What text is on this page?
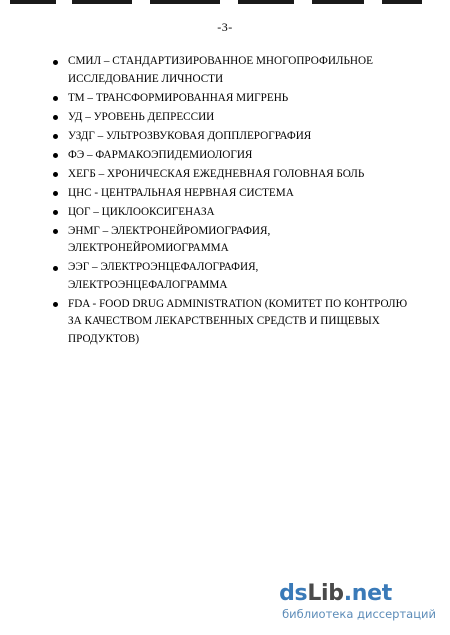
-3-
СМИЛ – СТАНДАРТИЗИРОВАННОЕ МНОГОПРОФИЛЬНОЕ ИССЛЕДОВАНИЕ ЛИЧНОСТИ
ТМ – ТРАНСФОРМИРОВАННАЯ МИГРЕНЬ
УД – УРОВЕНЬ ДЕПРЕССИИ
УЗДГ – УЛЬТРОЗВУКОВАЯ ДОППЛЕРОГРАФИЯ
ФЭ – ФАРМАКОЭПИДЕМИОЛОГИЯ
ХЕГБ – ХРОНИЧЕСКАЯ ЕЖЕДНЕВНАЯ ГОЛОВНАЯ БОЛЬ
ЦНС - ЦЕНТРАЛЬНАЯ НЕРВНАЯ СИСТЕМА
ЦОГ – ЦИКЛООКСИГЕНАЗА
ЭНМГ – ЭЛЕКТРОНЕЙРОМИОГРАФИЯ, ЭЛЕКТРОНЕЙРОМИОГРАММА
ЭЭГ – ЭЛЕКТРОЭНЦЕФАЛОГРАФИЯ, ЭЛЕКТРОЭНЦЕФАЛОГРАММА
FDA - FOOD DRUG ADMINISTRATION (КОМИТЕТ ПО КОНТРОЛЮ ЗА КАЧЕСТВОМ ЛЕКАРСТВЕННЫХ СРЕДСТВ И ПИЩЕВЫХ ПРОДУКТОВ)
dsLib.net
библиотека диссертаций
